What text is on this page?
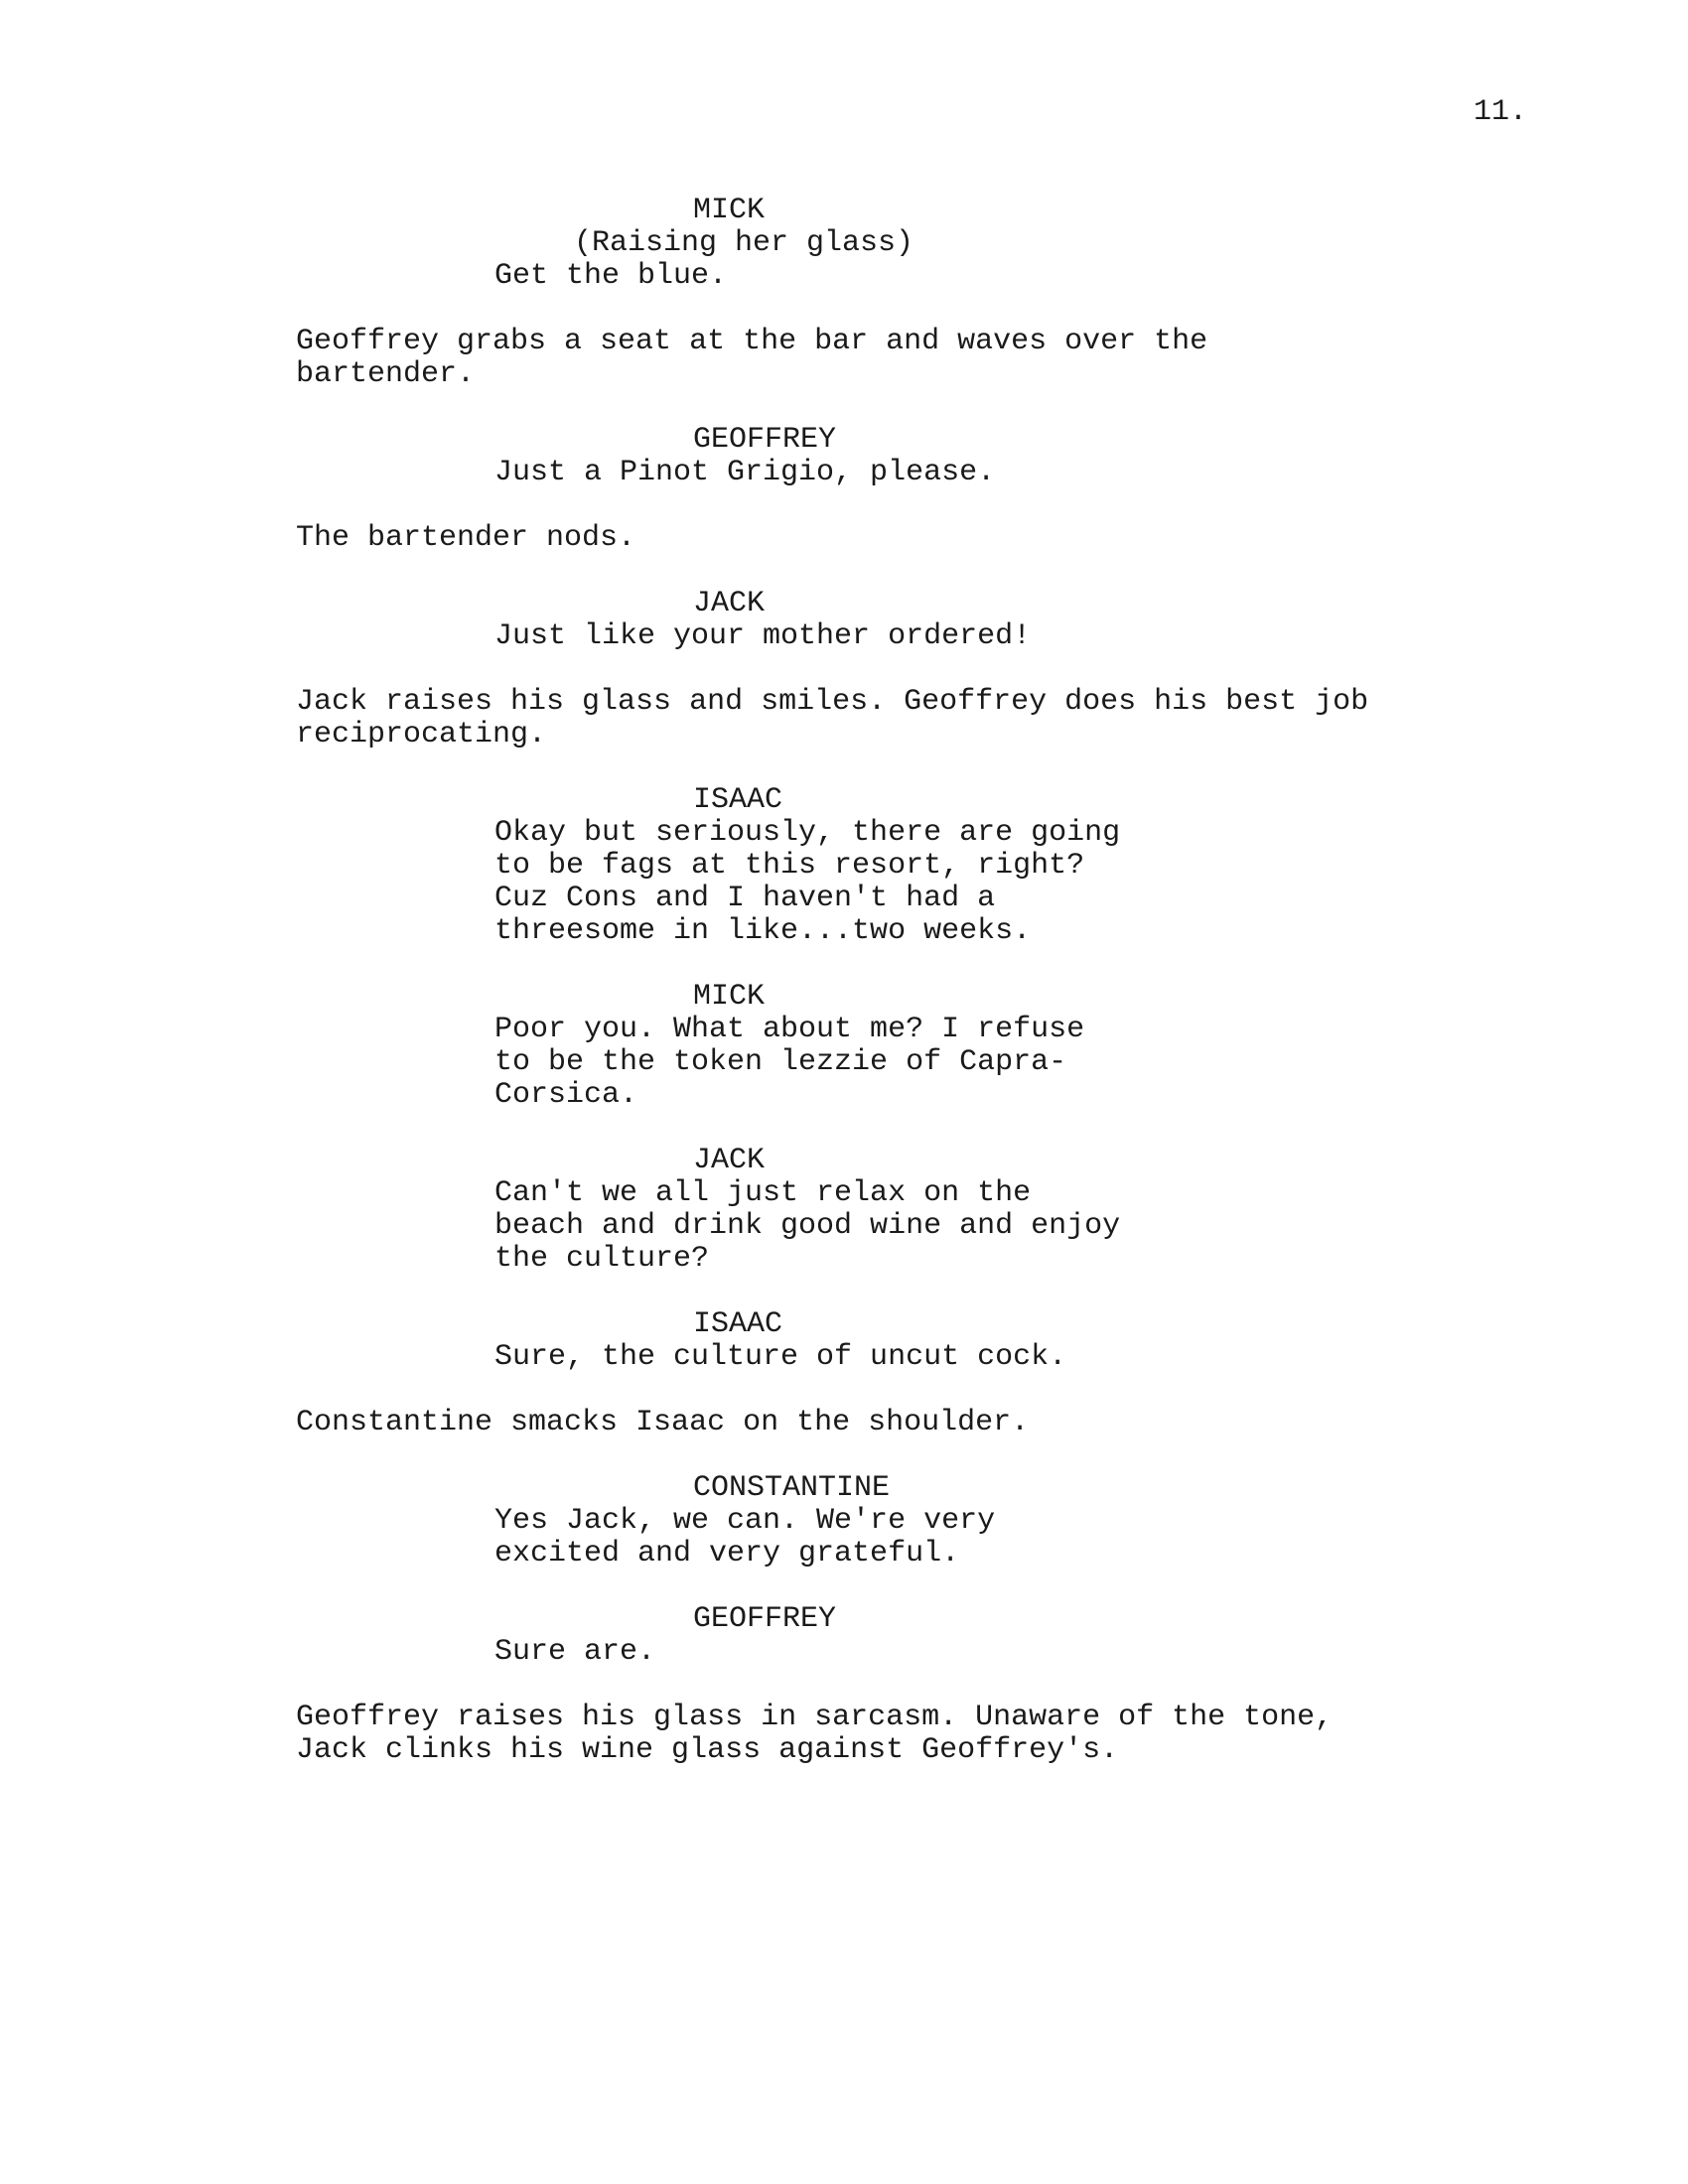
11.

MICK

(Raising her glass)

Get the blue.

Geoffrey grabs a seat at the bar and waves over the
bartender.

GEOFFREY

Just a Pinot Grigio, please.

The bartender nods.

JACK

Just like your mother ordered!

Jack raises his glass and smiles. Geoffrey does his best job
reciprocating.

ISAAC

Okay but seriously, there are going
to be fags at this resort, right?
Cuz Cons and I haven't had a
threesome in like...two weeks.

MICK

Poor you. What about me? I refuse
to be the token lezzie of Capra-
Corsica.

JACK

Can't we all just relax on the
beach and drink good wine and enjoy
the culture?

ISAAC

Sure, the culture of uncut cock.

Constantine smacks Isaac on the shoulder.

CONSTANTINE

Yes Jack, we can. We're very
excited and very grateful.

GEOFFREY

Sure are.

Geoffrey raises his glass in sarcasm. Unaware of the tone,
Jack clinks his wine glass against Geoffrey's.
